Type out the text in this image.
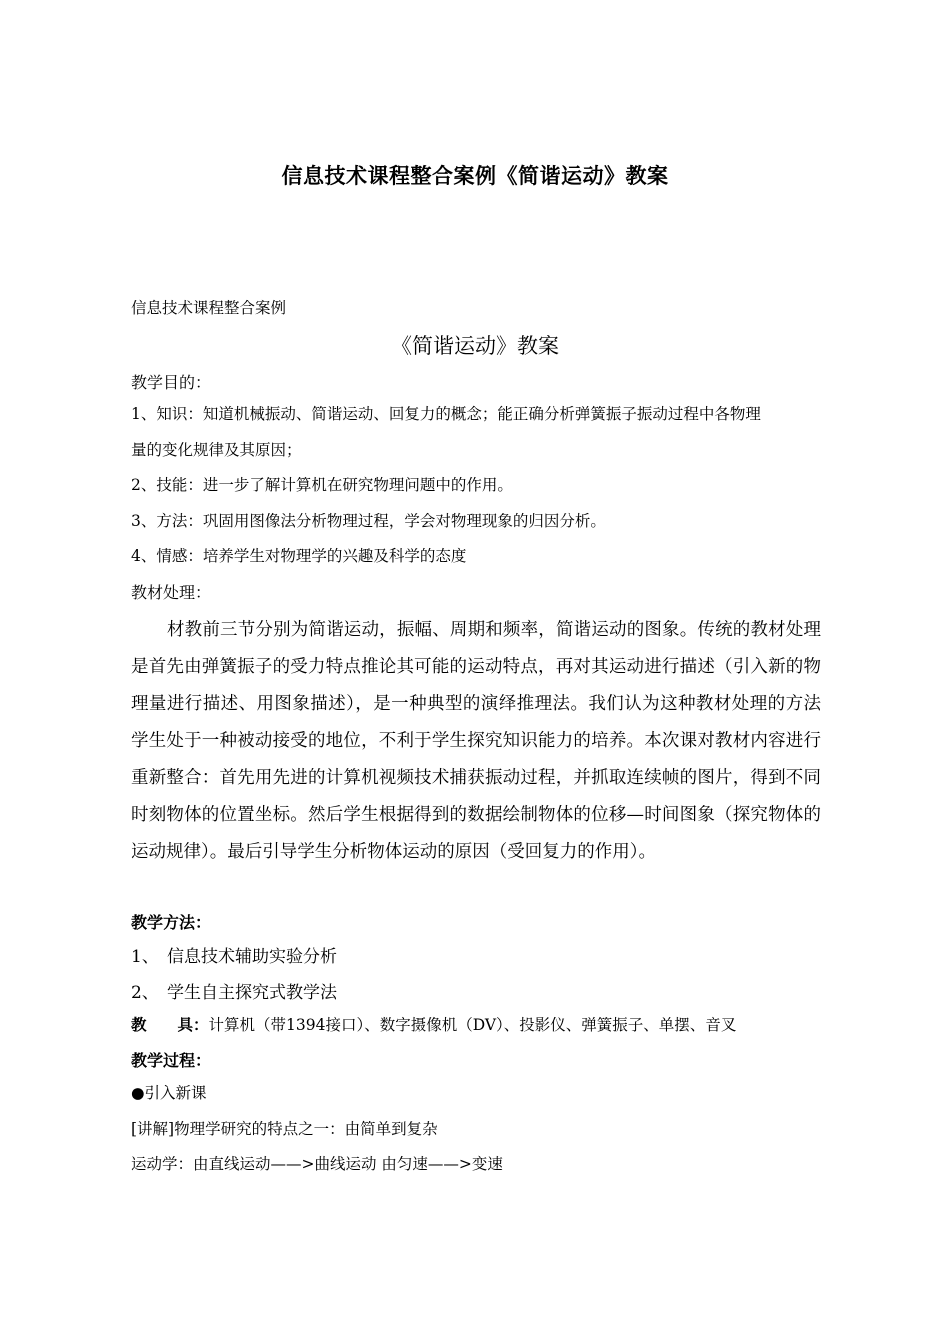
信息技术课程整合案例《简谐运动》教案
信息技术课程整合案例
《简谐运动》教案
教学目的：
1、知识：知道机械振动、简谐运动、回复力的概念；能正确分析弹簧振子振动过程中各物理
量的变化规律及其原因；
2、技能：进一步了解计算机在研究物理问题中的作用。
3、方法：巩固用图像法分析物理过程，学会对物理现象的归因分析。
4、情感：培养学生对物理学的兴趣及科学的态度
教材处理：

材教前三节分别为简谐运动，振幅、周期和频率，简谐运动的图象。传统的教材处理是首先由弹簧振子的受力特点推论其可能的运动特点，再对其运动进行描述（引入新的物理量进行描述、用图象描述），是一种典型的演绎推理法。我们认为这种教材处理的方法学生处于一种被动接受的地位，不利于学生探究知识能力的培养。本次课对教材内容进行重新整合：首先用先进的计算机视频技术捕获振动过程，并抓取连续帧的图片，得到不同时刻物体的位置坐标。然后学生根据得到的数据绘制物体的位移—时间图象（探究物体的运动规律）。最后引导学生分析物体运动的原因（受回复力的作用）。

教学方法：
1、 信息技术辅助实验分析
2、 学生自主探究式教学法
教　　具：计算机（带1394接口）、数字摄像机（DV）、投影仪、弹簧振子、单摆、音叉
教学过程：
●引入新课
[讲解]物理学研究的特点之一：由简单到复杂
运动学：由直线运动——>曲线运动 由匀速——>变速
